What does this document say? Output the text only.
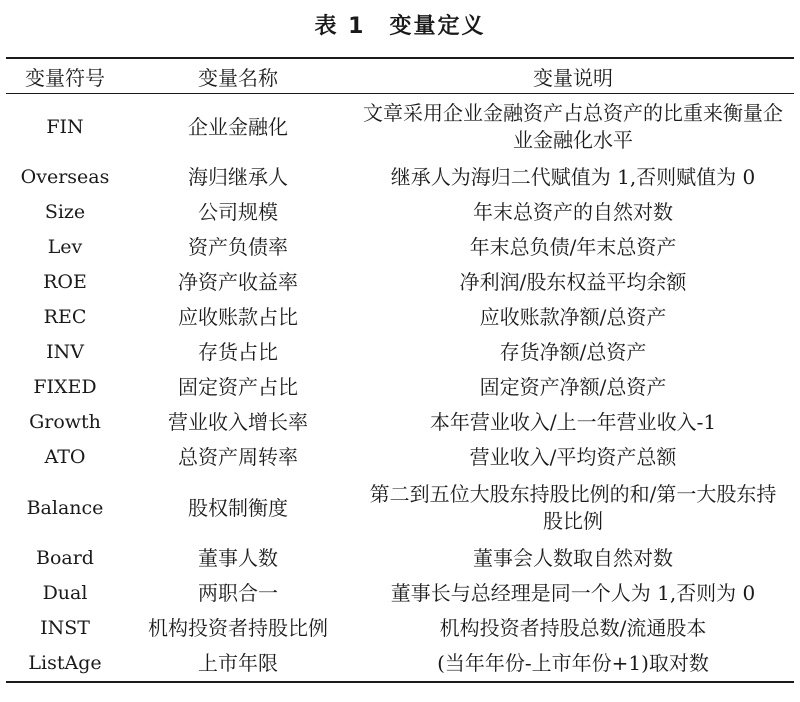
表 1　变量定义
变量符号	变量名称	变量说明
FIN	企业金融化	文章采用企业金融资产占总资产的比重来衡量企业金融化水平
Overseas	海归继承人	继承人为海归二代赋值为 1,否则赋值为 0
Size	公司规模	年末总资产的自然对数
Lev	资产负债率	年末总负债/年末总资产
ROE	净资产收益率	净利润/股东权益平均余额
REC	应收账款占比	应收账款净额/总资产
INV	存货占比	存货净额/总资产
FIXED	固定资产占比	固定资产净额/总资产
Growth	营业收入增长率	本年营业收入/上一年营业收入-1
ATO	总资产周转率	营业收入/平均资产总额
Balance	股权制衡度	第二到五位大股东持股比例的和/第一大股东持股比例
Board	董事人数	董事会人数取自然对数
Dual	两职合一	董事长与总经理是同一个人为 1,否则为 0
INST	机构投资者持股比例	机构投资者持股总数/流通股本
ListAge	上市年限	(当年年份-上市年份+1)取对数
